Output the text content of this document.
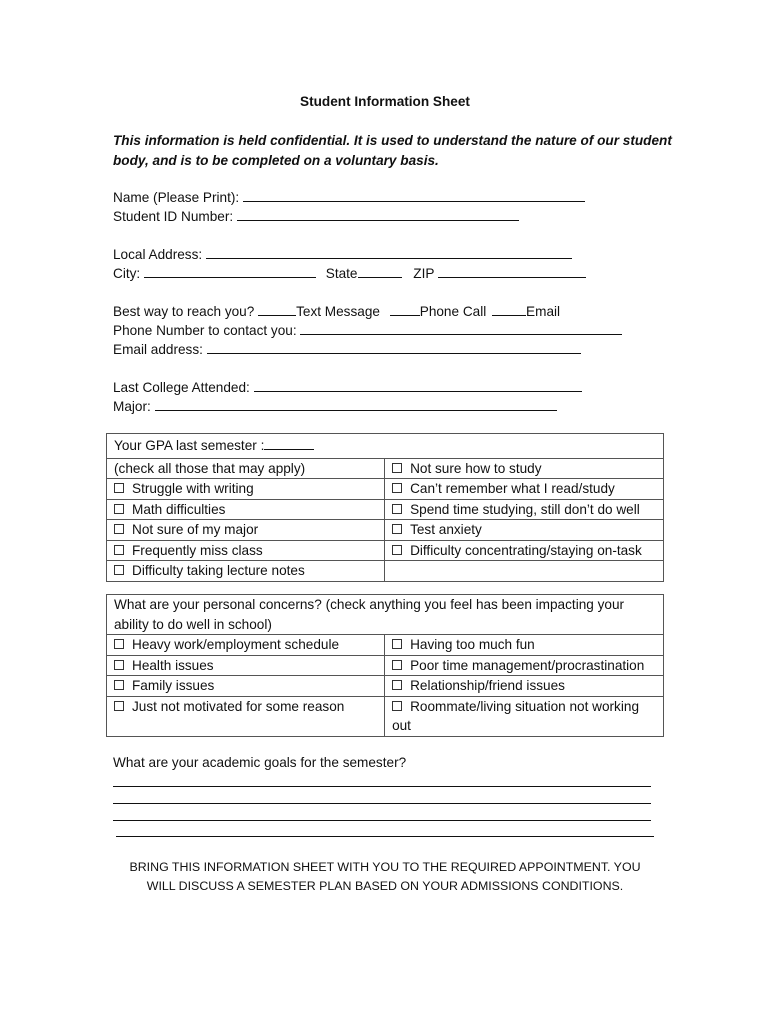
Student Information Sheet
This information is held confidential. It is used to understand the nature of our student body, and is to be completed on a voluntary basis.
Name (Please Print):
Student ID Number:
Local Address:
City:	State	ZIP
Best way to reach you?	Text Message	Phone Call	Email
Phone Number to contact you:
Email address:
Last College Attended:
Major:
Your GPA last semester :	
(check all those that may apply)	Not sure how to study
Struggle with writing	Can’t remember what I read/study
Math difficulties	Spend time studying, still don’t do well
Not sure of my major	Test anxiety
Frequently miss class	Difficulty concentrating/staying on-task
Difficulty taking lecture notes	
What are your personal concerns? (check anything you feel has been impacting your ability to do well in school)	
Heavy work/employment schedule	Having too much fun
Health issues	Poor time management/procrastination
Family issues	Relationship/friend issues
Just not motivated for some reason	Roommate/living situation not working out
What are your academic goals for the semester?
BRING THIS INFORMATION SHEET WITH YOU TO THE REQUIRED APPOINTMENT. YOU WILL DISCUSS A SEMESTER PLAN BASED ON YOUR ADMISSIONS CONDITIONS.
